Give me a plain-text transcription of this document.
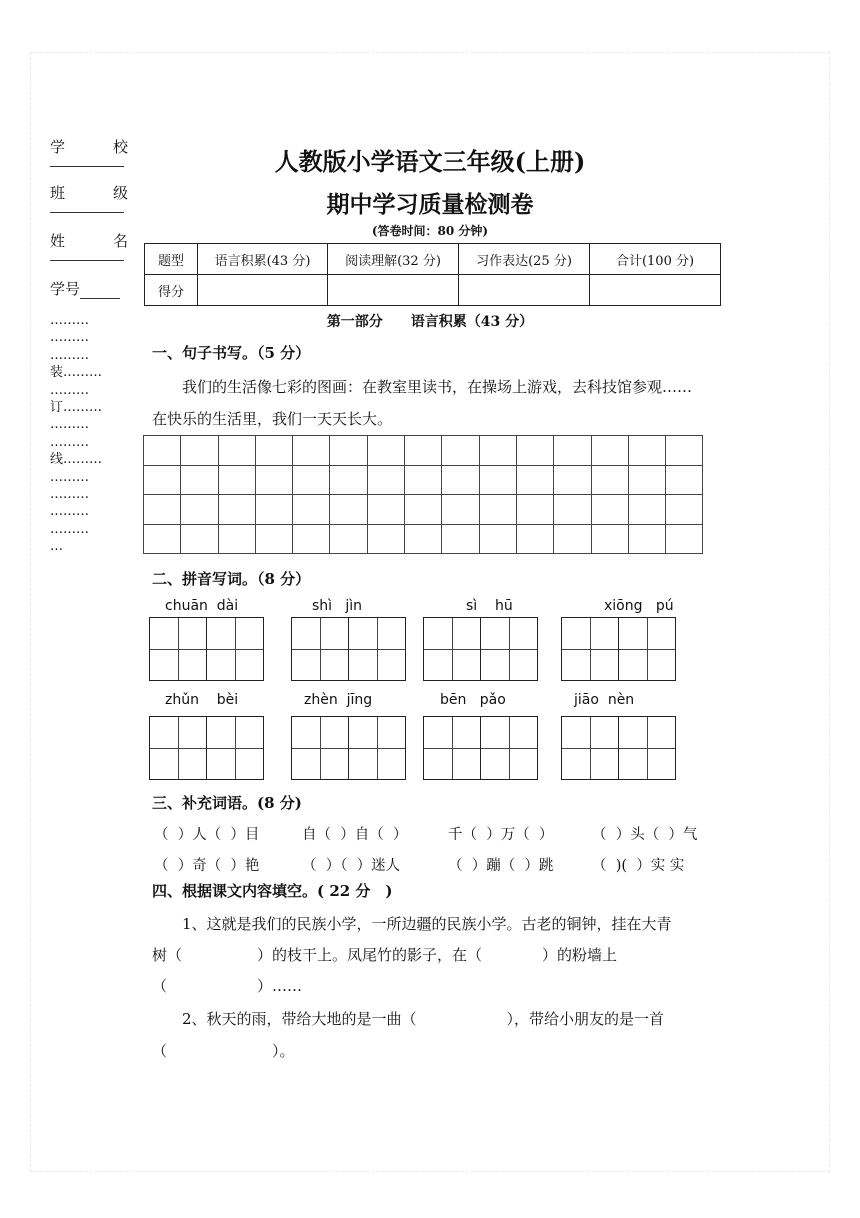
学	校
班	级
姓	名
学号
………
………
………
装………
………
订………
………
………
线………
………
………
………
………
…
人教版小学语文三年级(上册)
期中学习质量检测卷
(答卷时间：80 分钟)
题型	语言积累(43 分)	阅读理解(32 分)	习作表达(25 分)	合计(100 分)
得分				
第一部分　　语言积累（43 分）
一、句子书写。（5 分）
我们的生活像七彩的图画：在教室里读书，在操场上游戏，去科技馆参观……
在快乐的生活里，我们一天天长大。
二、拼音写词。（8 分）
chuān  dài	shì   jìn	sì    hū	xiōng   pú
zhǔn    bèi	zhèn  jīng	bēn   pǎo	jiāo  nèn
三、补充词语。(8 分)
（  ）人（  ）目	自（  ）自（  ）	千（  ）万（  ）	（  ）头（  ）气
（  ）奇（  ）艳	（  ）（  ）迷人	（  ）蹦（  ）跳	（  )(  ）实 实
四、根据课文内容填空。( 22 分　)
1、这就是我们的民族小学，一所边疆的民族小学。古老的铜钟，挂在大青
树（　　　　　）的枝干上。凤尾竹的影子，在（　　　　）的粉墙上
（　　　　　　）……
2、秋天的雨，带给大地的是一曲（　　　　　　），带给小朋友的是一首
（　　　　　　　）。
